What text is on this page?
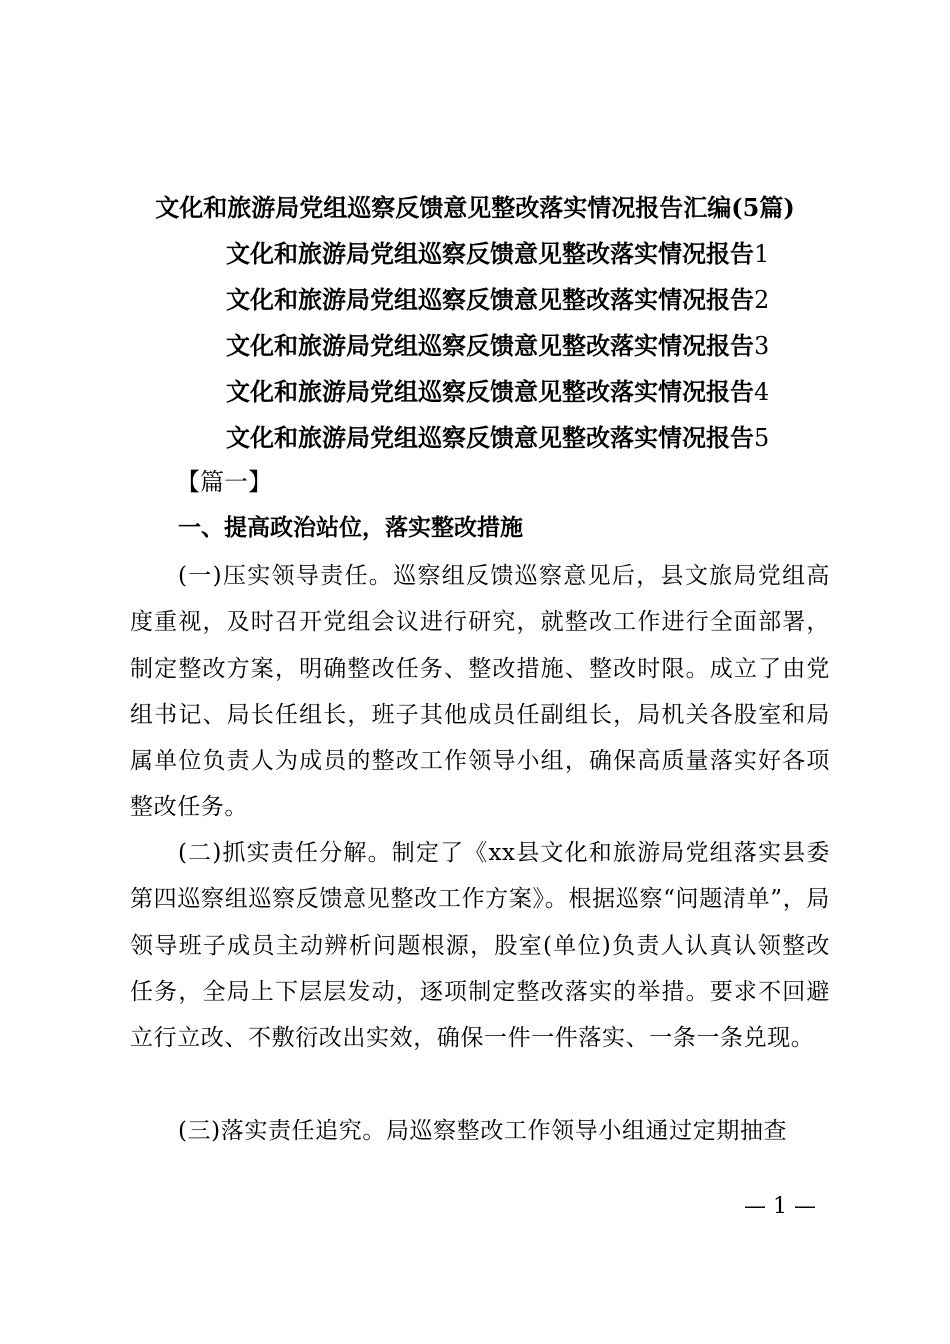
文化和旅游局党组巡察反馈意见整改落实情况报告汇编(5篇)
文化和旅游局党组巡察反馈意见整改落实情况报告1
文化和旅游局党组巡察反馈意见整改落实情况报告2
文化和旅游局党组巡察反馈意见整改落实情况报告3
文化和旅游局党组巡察反馈意见整改落实情况报告4
文化和旅游局党组巡察反馈意见整改落实情况报告5
【篇一】
一、提高政治站位，落实整改措施
(一)压实领导责任。巡察组反馈巡察意见后，县文旅局党组高度重视，及时召开党组会议进行研究，就整改工作进行全面部署，制定整改方案，明确整改任务、整改措施、整改时限。成立了由党组书记、局长任组长，班子其他成员任副组长，局机关各股室和局属单位负责人为成员的整改工作领导小组，确保高质量落实好各项整改任务。
(二)抓实责任分解。制定了《xx县文化和旅游局党组落实县委第四巡察组巡察反馈意见整改工作方案》。根据巡察“问题清单”，局领导班子成员主动辨析问题根源，股室(单位)负责人认真认领整改任务，全局上下层层发动，逐项制定整改落实的举措。要求不回避立行立改、不敷衍改出实效，确保一件一件落实、一条一条兑现。
(三)落实责任追究。局巡察整改工作领导小组通过定期抽查
— 1 —
